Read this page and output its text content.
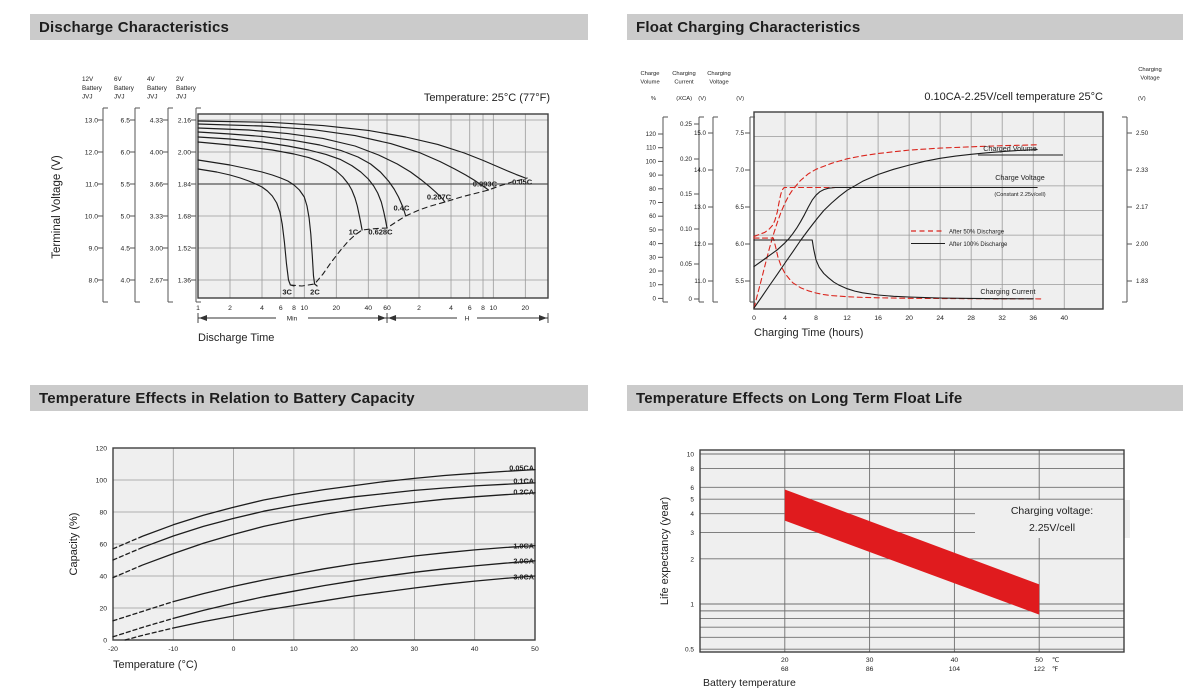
Discharge Characteristics	Float Charging Characteristics
Temperature Effects in Relation to Battery Capacity	Temperature Effects on Long Term Float Life
12V
Battery
JVJ
13.0
12.0
11.0
10.0
9.0
8.0
6V
Battery
JVJ
6.5
6.0
5.5
5.0
4.5
4.0
4V
Battery
JVJ
4.33
4.00
3.66
3.33
3.00
2.67
2V
Battery
JVJ
2.16
2.00
1.84
1.68
1.52
1.36
Terminal Voltage (V)
Temperature: 25°C (77°F)
3C 2C
1C 0.628C
0.4C
0.207C
0.093C 0.05C
1	2	4 6 8 10	20	40 60	2	4 6 8 10	20
Min	H
Discharge Time
0.10CA-2.25V/cell temperature 25°C
Charge
Volume
%
120
110
100
90
80
70
60
50
40
30
20
10
0
Charging
Current
(XCA)
0.25
0.20
0.15
0.10
0.05
0
Charging
Voltage
(V)
15.0
14.0
13.0
12.0
11.0
(V)
7.5
7.0
6.5
6.0
5.5
Charging
Voltage
(V)
2.50
2.33
2.17
2.00
1.83
Charged Volume
Charge Voltage
(Constant 2.25v/cell)
Charging Current
After 50% Discharge
After 100% Discharge
0	4	8	12	16	20	24	28	32	36	40
Charging Time (hours)
0
20
40
60
80
100
120
-20	-10	0	10	20	30	40	50
0.05CA
0.1CA
0.2CA
1.0CA
2.0CA
3.0CA
Capacity (%)
Temperature (°C)
Charging voltage:
2.25V/cell
10
8
6
5
4
3
2
1
0.5
20
68
30
86
40
104
50
122
℃
℉
Life expectancy (year)
Battery temperature
